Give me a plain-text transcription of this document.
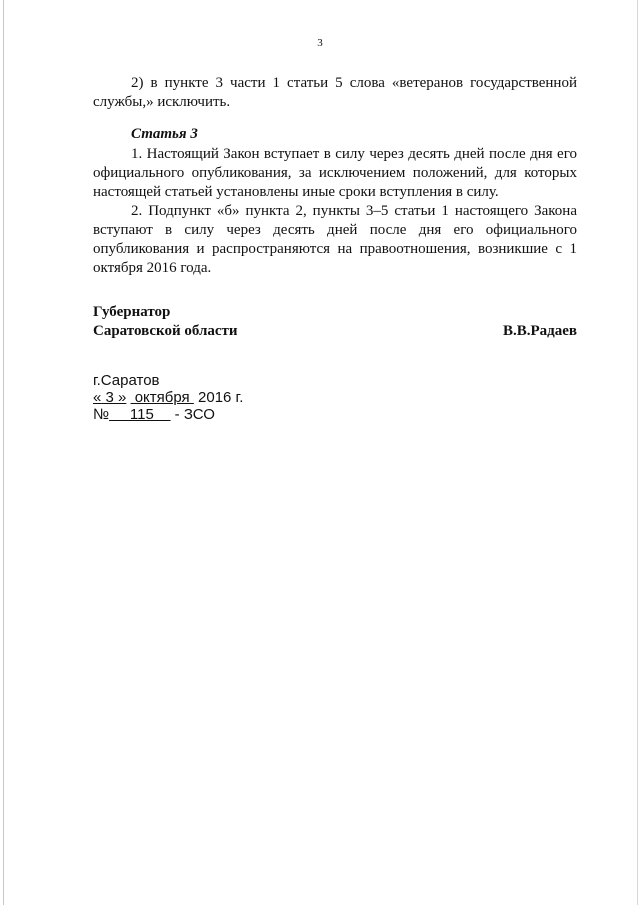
3

2) в пункте 3 части 1 статьи 5 слова «ветеранов государственной службы,» исключить.

Статья 3

1. Настоящий Закон вступает в силу через десять дней после дня его официального опубликования, за исключением положений, для которых настоящей статьей установлены иные сроки вступления в силу.

2. Подпункт «б» пункта 2, пункты 3–5 статьи 1 настоящего Закона вступают в силу через десять дней после дня его официального опубликования и распространяются на правоотношения, возникшие с 1 октября 2016 года.

Губернатор
Саратовской области	В.В.Радаев
г.Саратов
« 3 »  октября  2016 г.
№     115     - ЗСО
